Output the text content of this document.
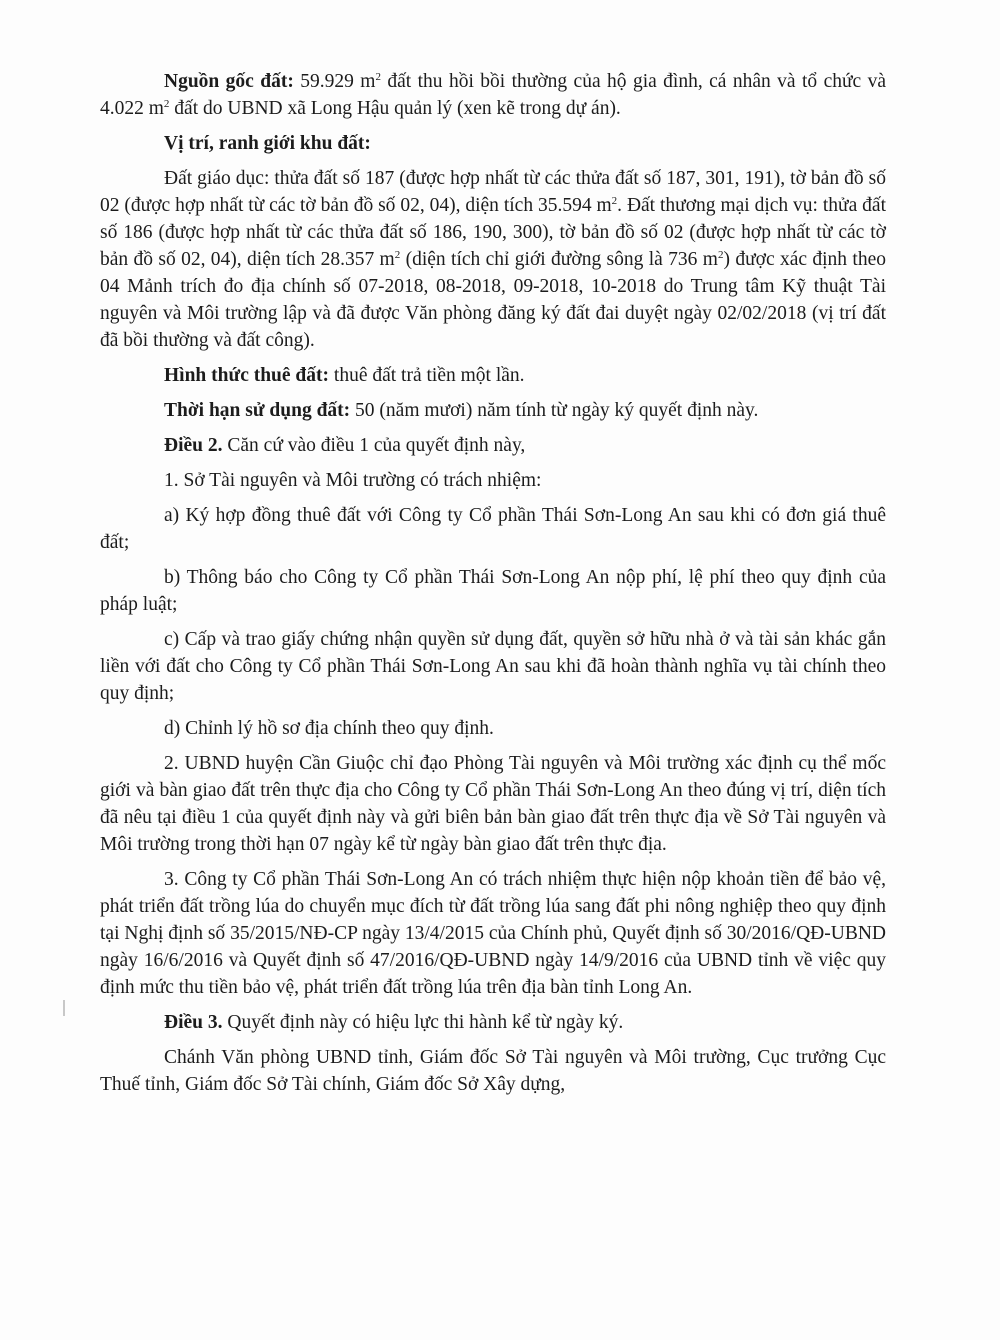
Nguồn gốc đất: 59.929 $m^2$ đất thu hồi bồi thường của hộ gia đình, cá nhân và tổ chức và 4.022 $m^2$ đất do UBND xã Long Hậu quản lý (xen kẽ trong dự án).

Vị trí, ranh giới khu đất:

Đất giáo dục: thửa đất số 187 (được hợp nhất từ các thửa đất số 187, 301, 191), tờ bản đồ số 02 (được hợp nhất từ các tờ bản đồ số 02, 04), diện tích 35.594 $m^2$. Đất thương mại dịch vụ: thửa đất số 186 (được hợp nhất từ các thửa đất số 186, 190, 300), tờ bản đồ số 02 (được hợp nhất từ các tờ bản đồ số 02, 04), diện tích 28.357 $m^2$ (diện tích chỉ giới đường sông là 736 $m^2$) được xác định theo 04 Mảnh trích đo địa chính số 07-2018, 08-2018, 09-2018, 10-2018 do Trung tâm Kỹ thuật Tài nguyên và Môi trường lập và đã được Văn phòng đăng ký đất đai duyệt ngày 02/02/2018 (vị trí đất đã bồi thường và đất công).

Hình thức thuê đất: thuê đất trả tiền một lần.

Thời hạn sử dụng đất: 50 (năm mươi) năm tính từ ngày ký quyết định này.

Điều 2. Căn cứ vào điều 1 của quyết định này,

1. Sở Tài nguyên và Môi trường có trách nhiệm:

a) Ký hợp đồng thuê đất với Công ty Cổ phần Thái Sơn-Long An sau khi có đơn giá thuê đất;

b) Thông báo cho Công ty Cổ phần Thái Sơn-Long An nộp phí, lệ phí theo quy định của pháp luật;

c) Cấp và trao giấy chứng nhận quyền sử dụng đất, quyền sở hữu nhà ở và tài sản khác gắn liền với đất cho Công ty Cổ phần Thái Sơn-Long An sau khi đã hoàn thành nghĩa vụ tài chính theo quy định;

d) Chỉnh lý hồ sơ địa chính theo quy định.

2. UBND huyện Cần Giuộc chỉ đạo Phòng Tài nguyên và Môi trường xác định cụ thể mốc giới và bàn giao đất trên thực địa cho Công ty Cổ phần Thái Sơn-Long An theo đúng vị trí, diện tích đã nêu tại điều 1 của quyết định này và gửi biên bản bàn giao đất trên thực địa về Sở Tài nguyên và Môi trường trong thời hạn 07 ngày kể từ ngày bàn giao đất trên thực địa.

3. Công ty Cổ phần Thái Sơn-Long An có trách nhiệm thực hiện nộp khoản tiền để bảo vệ, phát triển đất trồng lúa do chuyển mục đích từ đất trồng lúa sang đất phi nông nghiệp theo quy định tại Nghị định số 35/2015/NĐ-CP ngày 13/4/2015 của Chính phủ, Quyết định số 30/2016/QĐ-UBND ngày 16/6/2016 và Quyết định số 47/2016/QĐ-UBND ngày 14/9/2016 của UBND tỉnh về việc quy định mức thu tiền bảo vệ, phát triển đất trồng lúa trên địa bàn tỉnh Long An.

Điều 3. Quyết định này có hiệu lực thi hành kể từ ngày ký.

Chánh Văn phòng UBND tỉnh, Giám đốc Sở Tài nguyên và Môi trường, Cục trưởng Cục Thuế tỉnh, Giám đốc Sở Tài chính, Giám đốc Sở Xây dựng,
